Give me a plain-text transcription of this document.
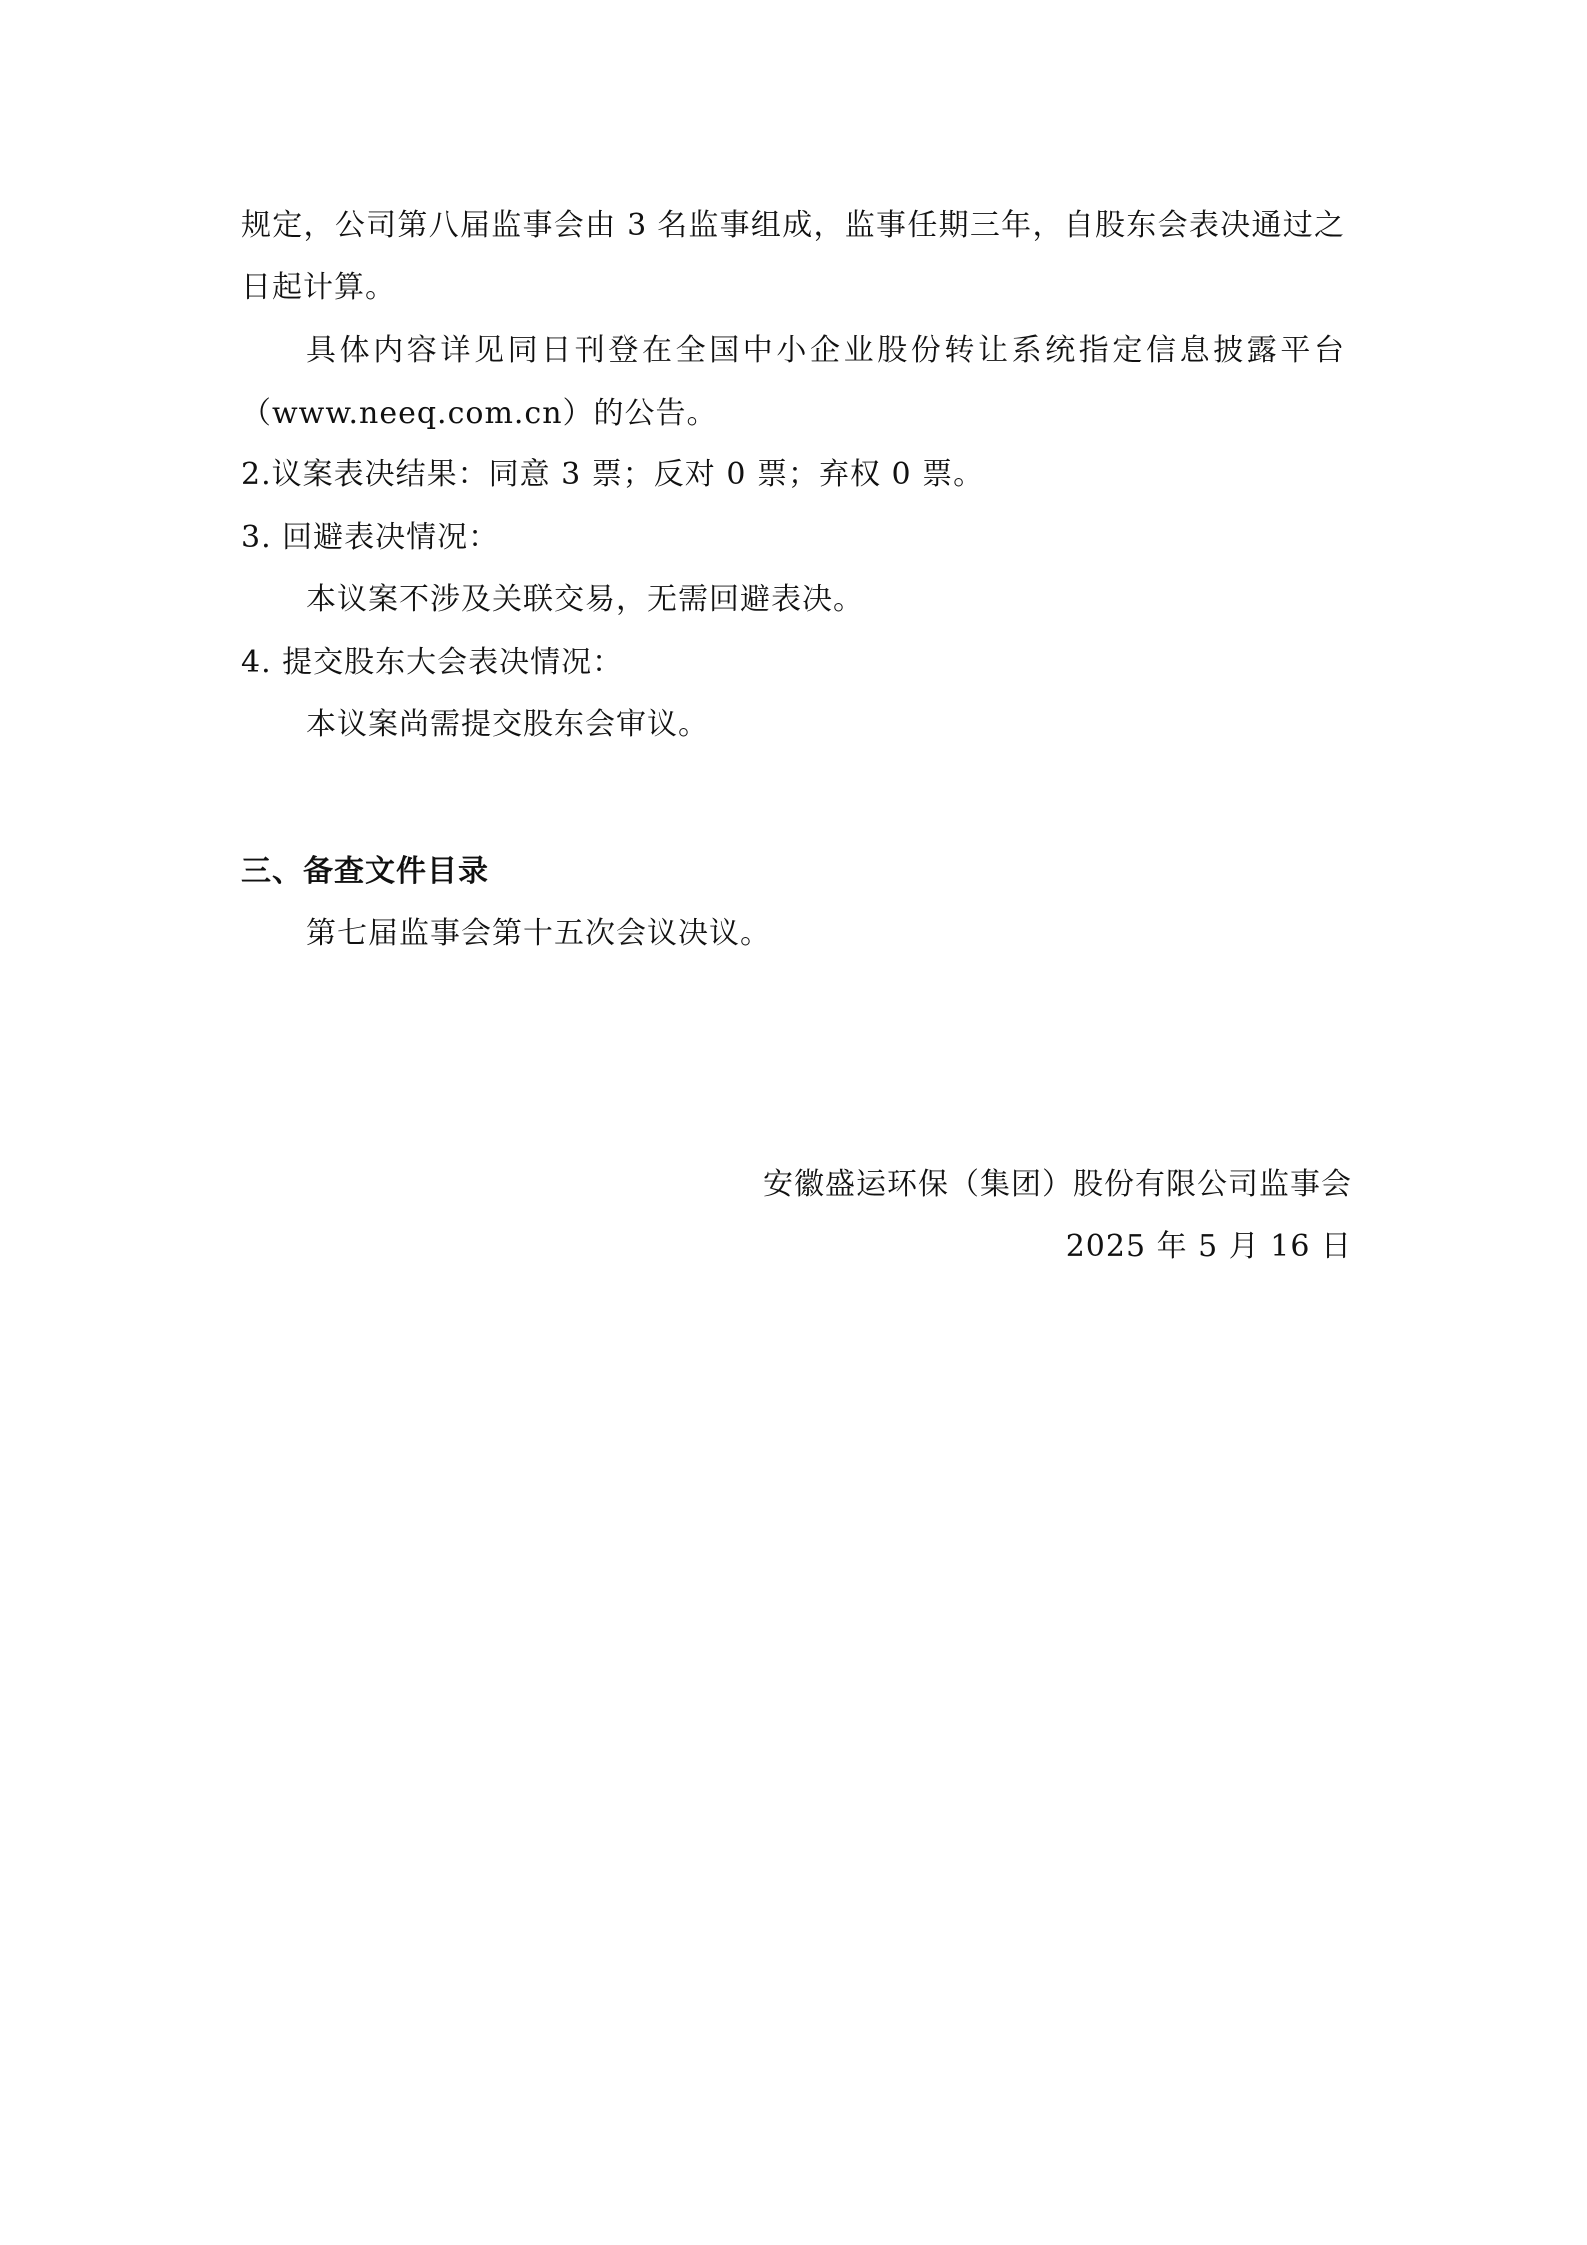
规定，公司第八届监事会由 3 名监事组成，监事任期三年，自股东会表决通过之
日起计算。
具体内容详见同日刊登在全国中小企业股份转让系统指定信息披露平台
（www.neeq.com.cn）的公告。
2.议案表决结果：同意 3 票；反对 0 票；弃权 0 票。
3. 回避表决情况：
本议案不涉及关联交易，无需回避表决。
4. 提交股东大会表决情况：
本议案尚需提交股东会审议。
三、备查文件目录
第七届监事会第十五次会议决议。
安徽盛运环保（集团）股份有限公司监事会
2025 年 5 月 16 日
